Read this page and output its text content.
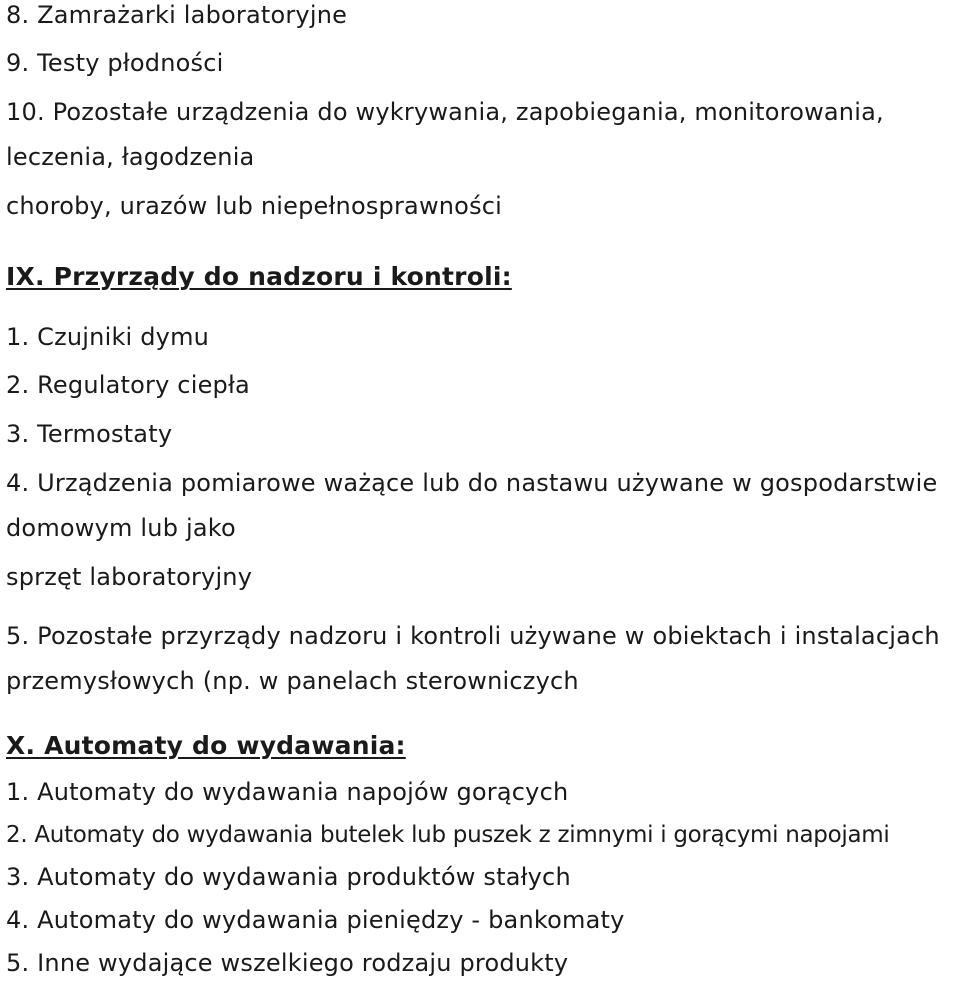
8. Zamrażarki laboratoryjne
9. Testy płodności
10. Pozostałe urządzenia do wykrywania, zapobiegania, monitorowania,
leczenia, łagodzenia
choroby, urazów lub niepełnosprawności
IX. Przyrządy do nadzoru i kontroli:
1. Czujniki dymu
2. Regulatory ciepła
3. Termostaty
4. Urządzenia pomiarowe ważące lub do nastawu używane w gospodarstwie
domowym lub jako
sprzęt laboratoryjny
5. Pozostałe przyrządy nadzoru i kontroli używane w obiektach i instalacjach
przemysłowych (np. w panelach sterowniczych
X. Automaty do wydawania:
1. Automaty do wydawania napojów gorących
2. Automaty do wydawania butelek lub puszek z zimnymi i gorącymi napojami
3. Automaty do wydawania produktów stałych
4. Automaty do wydawania pieniędzy - bankomaty
5. Inne wydające wszelkiego rodzaju produkty
